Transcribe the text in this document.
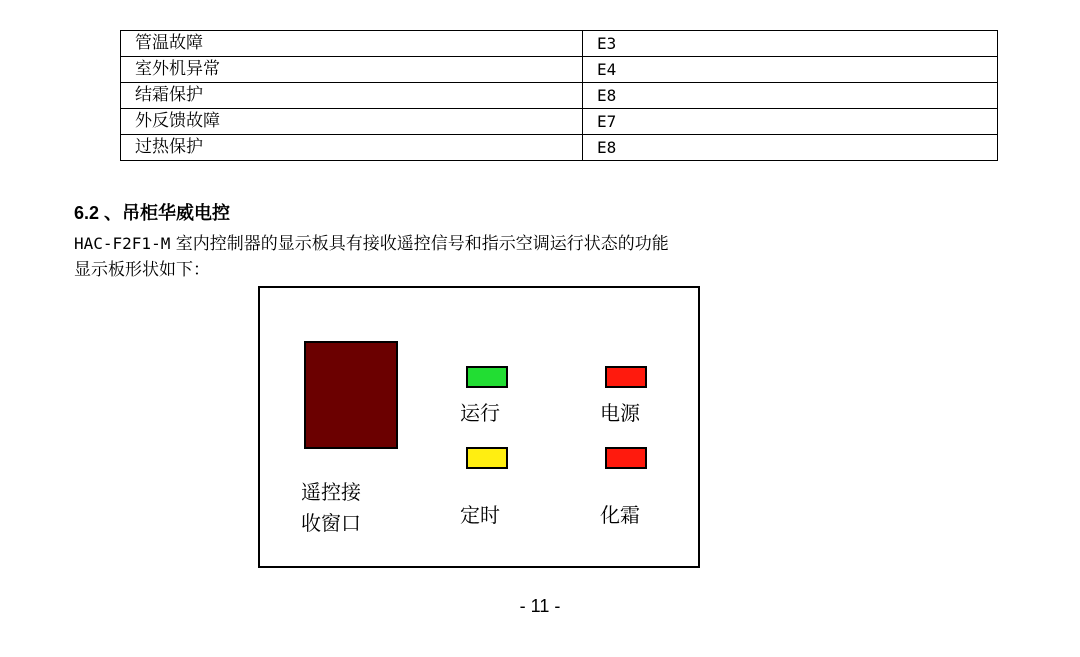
管温故障	E3
室外机异常	E4
结霜保护	E8
外反馈故障	E7
过热保护	E8
6.2 、吊柜华威电控
HAC-F2F1-M 室内控制器的显示板具有接收遥控信号和指示空调运行状态的功能
显示板形状如下：
遥控接
收窗口
运行	电源
定时	化霜
- 11 -
